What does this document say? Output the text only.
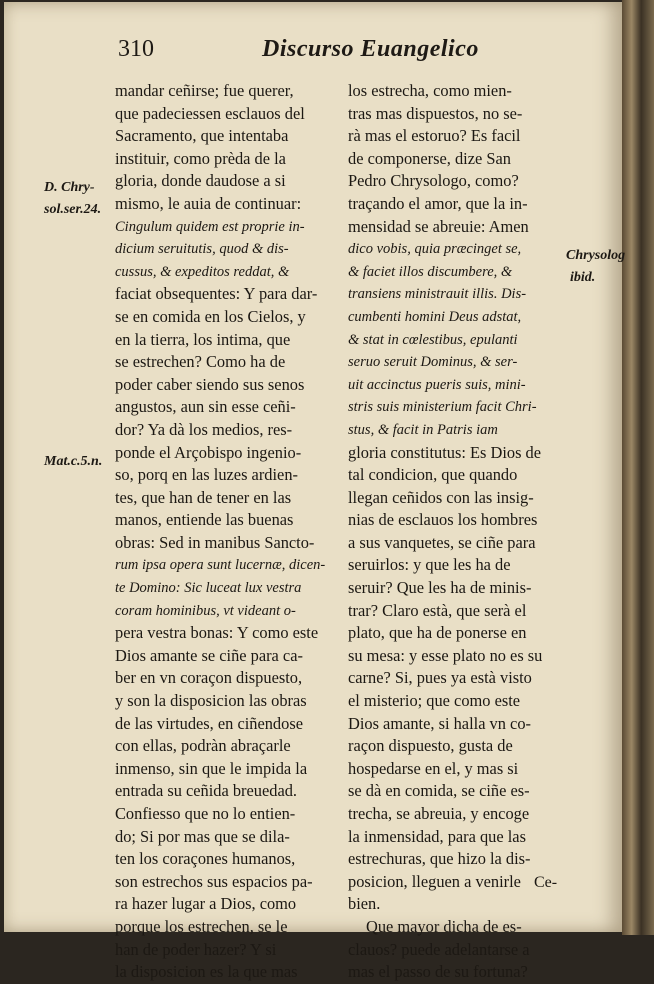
310	Discurso Euangelico
mandar ceñirse; fue querer,
que padeciessen esclauos del
Sacramento, que intentaba
instituir, como prèda de la
gloria, donde daudose a si
mismo, le auia de continuar:
Cingulum quidem est proprie in-
dicium seruitutis, quod & dis-
cussus, & expeditos reddat, &
faciat obsequentes: Y para dar-
se en comida en los Cielos, y
en la tierra, los intima, que
se estrechen? Como ha de
poder caber siendo sus senos
angustos, aun sin esse ceñi-
dor? Ya dà los medios, res-
ponde el Arçobispo ingenio-
so, porq en las luzes ardien-
tes, que han de tener en las
manos, entiende las buenas
obras: Sed in manibus Sancto-
rum ipsa opera sunt lucernæ, dicen-
te Domino: Sic luceat lux vestra
coram hominibus, vt videant o-
pera vestra bonas: Y como este
Dios amante se ciñe para ca-
ber en vn coraçon dispuesto,
y son la disposicion las obras
de las virtudes, en ciñendose
con ellas, podràn abraçarle
inmenso, sin que le impida la
entrada su ceñida breuedad.
Confiesso que no lo entien-
do; Si por mas que se dila-
ten los coraçones humanos,
son estrechos sus espacios pa-
ra hazer lugar a Dios, como
porque los estrechen, se le
han de poder hazer? Y si
la disposicion es la que mas
los estrecha, como mien-
tras mas dispuestos, no se-
rà mas el estoruo? Es facil
de componerse, dize San
Pedro Chrysologo, como?
traçando el amor, que la in-
mensidad se abreuie: Amen
dico vobis, quia præcinget se,
& faciet illos discumbere, &
transiens ministrauit illis. Dis-
cumbenti homini Deus adstat,
& stat in cœlestibus, epulanti
seruo seruit Dominus, & ser-
uit accinctus pueris suis, mini-
stris suis ministerium facit Chri-
stus, & facit in Patris iam
gloria constitutus: Es Dios de
tal condicion, que quando
llegan ceñidos con las insig-
nias de esclauos los hombres
a sus vanquetes, se ciñe para
seruirlos: y que les ha de
seruir? Que les ha de minis-
trar? Claro està, que serà el
plato, que ha de ponerse en
su mesa: y esse plato no es su
carne? Si, pues ya està visto
el misterio; que como este
Dios amante, si halla vn co-
raçon dispuesto, gusta de
hospedarse en el, y mas si
se dà en comida, se ciñe es-
trecha, se abreuia, y encoge
la inmensidad, para que las
estrechuras, que hizo la dis-
posicion, lleguen a venirle
bien.
Que mayor dicha de es-
clauos? puede adelantarse a
mas el passo de su fortuna?
D. Chry-
sol.ser.24.
Mat.c.5.n.
Chrysolog
ibid.
Ce-
